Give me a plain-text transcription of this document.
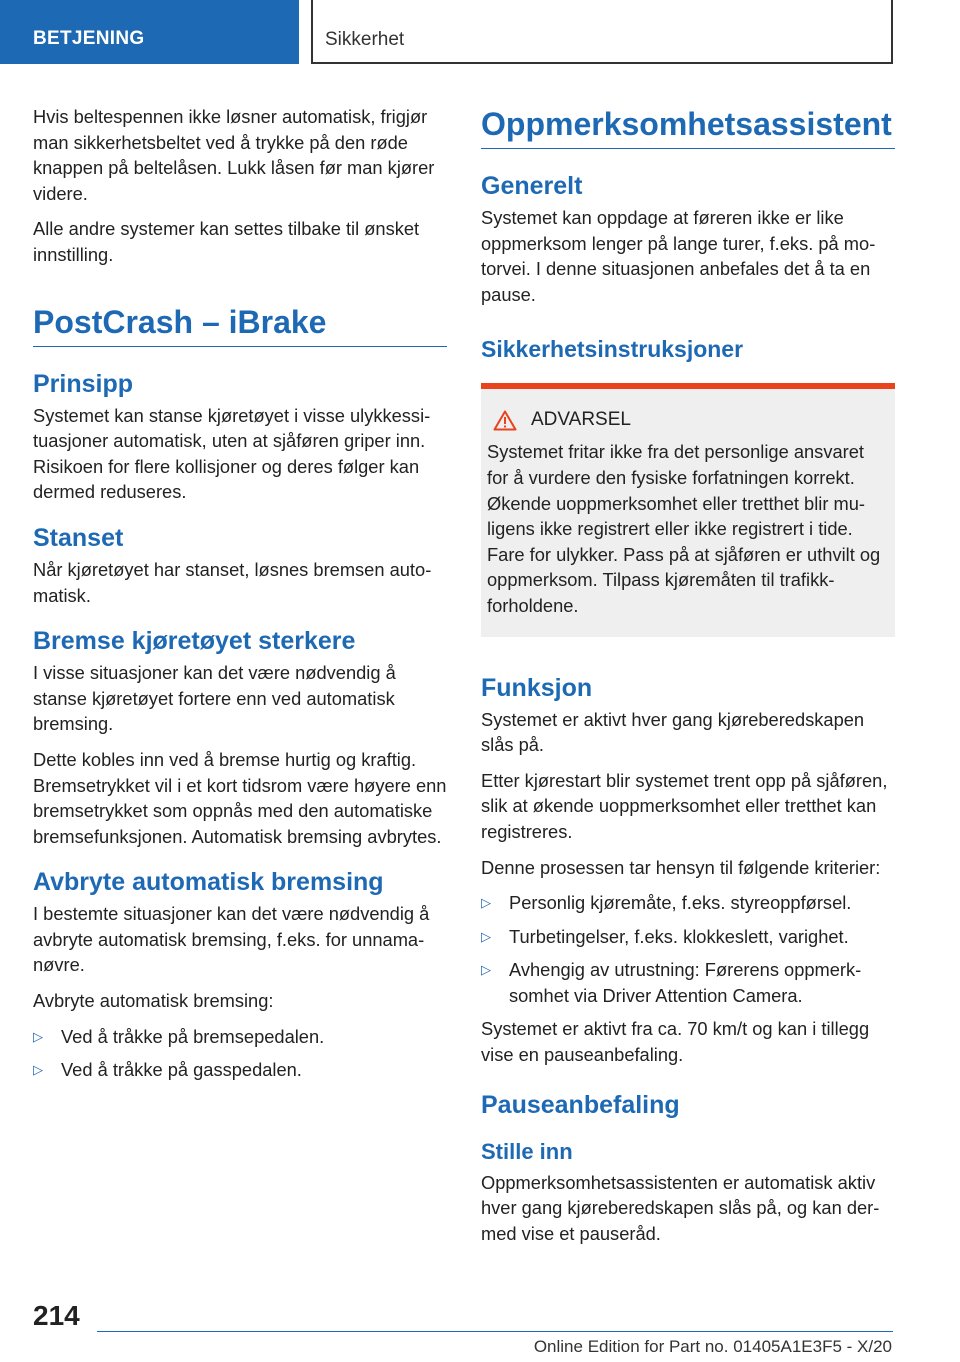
BETJENING	Sikkerhet

Hvis beltespennen ikke løsner automatisk, frigjør man sikkerhetsbeltet ved å trykke på den røde knappen på beltelåsen. Lukk låsen før man kjører videre.

Alle andre systemer kan settes tilbake til ønsket innstilling.

PostCrash – iBrake
Prinsipp

Systemet kan stanse kjøretøyet i visse ulykkessituasjoner automatisk, uten at sjåføren griper inn. Risikoen for flere kollisjoner og deres følger kan dermed reduseres.

Stanset

Når kjøretøyet har stanset, løsnes bremsen automatisk.

Bremse kjøretøyet sterkere

I visse situasjoner kan det være nødvendig å stanse kjøretøyet fortere enn ved automatisk bremsing.

Dette kobles inn ved å bremse hurtig og kraftig. Bremsetrykket vil i et kort tidsrom være høyere enn bremsetrykket som oppnås med den automatiske bremsefunksjonen. Automatisk bremsing avbrytes.

Avbryte automatisk bremsing

I bestemte situasjoner kan det være nødvendig å avbryte automatisk bremsing, f.eks. for unnamanøvre.

Avbryte automatisk bremsing:

▷ Ved å tråkke på bremsepedalen.
▷ Ved å tråkke på gasspedalen.
Oppmerksomhetsassistent
Generelt

Systemet kan oppdage at føreren ikke er like oppmerksom lenger på lange turer, f.eks. på motorvei. I denne situasjonen anbefales det å ta en pause.

Sikkerhetsinstruksjoner
ADVARSEL

Systemet fritar ikke fra det personlige ansvaret for å vurdere den fysiske forfatningen korrekt. Økende uoppmerksomhet eller tretthet blir muligens ikke registrert eller ikke registrert i tide. Fare for ulykker. Pass på at sjåføren er uthvilt og oppmerksom. Tilpass kjøremåten til trafikkforholdene.

Funksjon

Systemet er aktivt hver gang kjøreberedskapen slås på.

Etter kjørestart blir systemet trent opp på sjåføren, slik at økende uoppmerksomhet eller tretthet kan registreres.

Denne prosessen tar hensyn til følgende kriterier:

▷ Personlig kjøremåte, f.eks. styreoppførsel.
▷ Turbetingelser, f.eks. klokkeslett, varighet.
▷ Avhengig av utrustning: Førerens oppmerksomhet via Driver Attention Camera.

Systemet er aktivt fra ca. 70 km/t og kan i tillegg vise en pauseanbefaling.

Pauseanbefaling
Stille inn

Oppmerksomhetsassistenten er automatisk aktiv hver gang kjøreberedskapen slås på, og kan dermed vise et pauseråd.

214
Online Edition for Part no. 01405A1E3F5 - X/20
